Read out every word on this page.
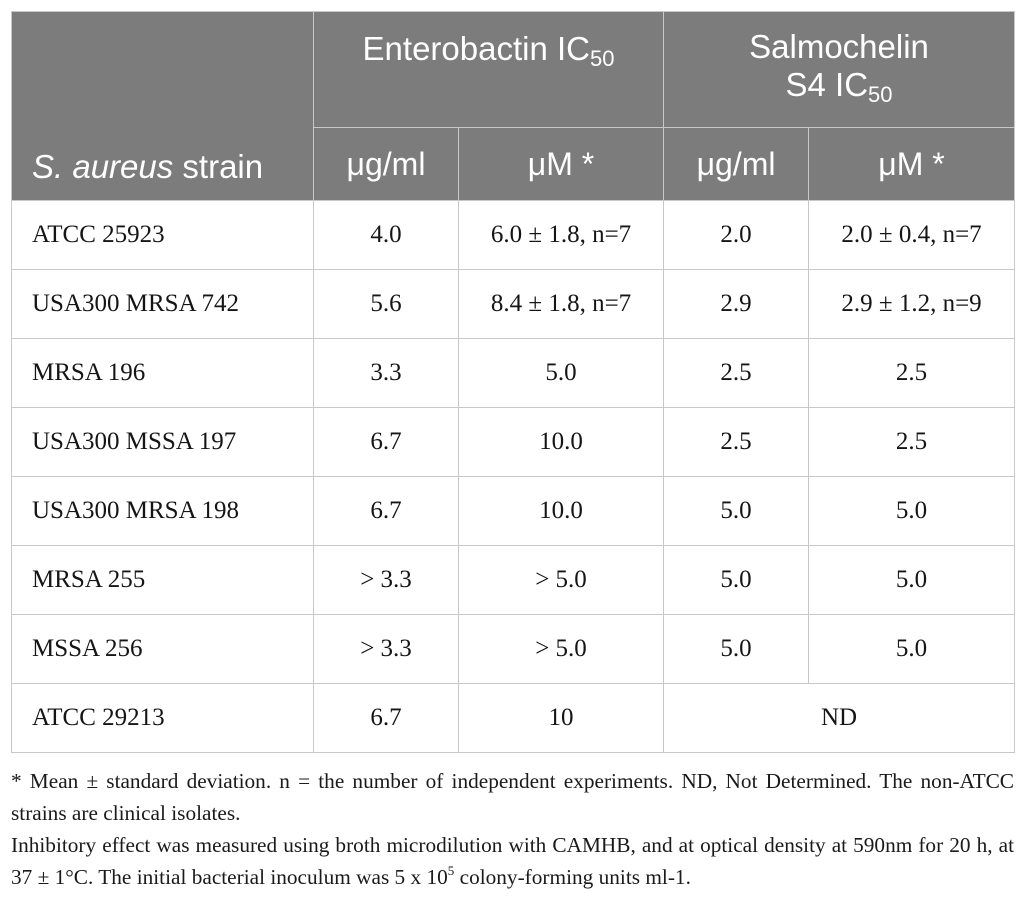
S. aureus strain	Enterobactin $IC_{50}$		Salmochelin
S4 $IC_{50}$
	μg/ml	μM *	μg/ml	μM *
ATCC 25923	4.0	6.0 ± 1.8, n=7	2.0	2.0 ± 0.4, n=7
USA300 MRSA 742	5.6	8.4 ± 1.8, n=7	2.9	2.9 ± 1.2, n=9
MRSA 196	3.3	5.0	2.5	2.5
USA300 MSSA 197	6.7	10.0	2.5	2.5
USA300 MRSA 198	6.7	10.0	5.0	5.0
MRSA 255	> 3.3	> 5.0	5.0	5.0
MSSA 256	> 3.3	> 5.0	5.0	5.0
ATCC 29213	6.7	10	ND	

* Mean ± standard deviation. n = the number of independent experiments. ND, Not Determined. The non-ATCC strains are clinical isolates.

Inhibitory effect was measured using broth microdilution with CAMHB, and at optical density at 590nm for 20 h, at 37 ± 1°C. The initial bacterial inoculum was 5 x $10^5$ colony-forming units ml-1.
